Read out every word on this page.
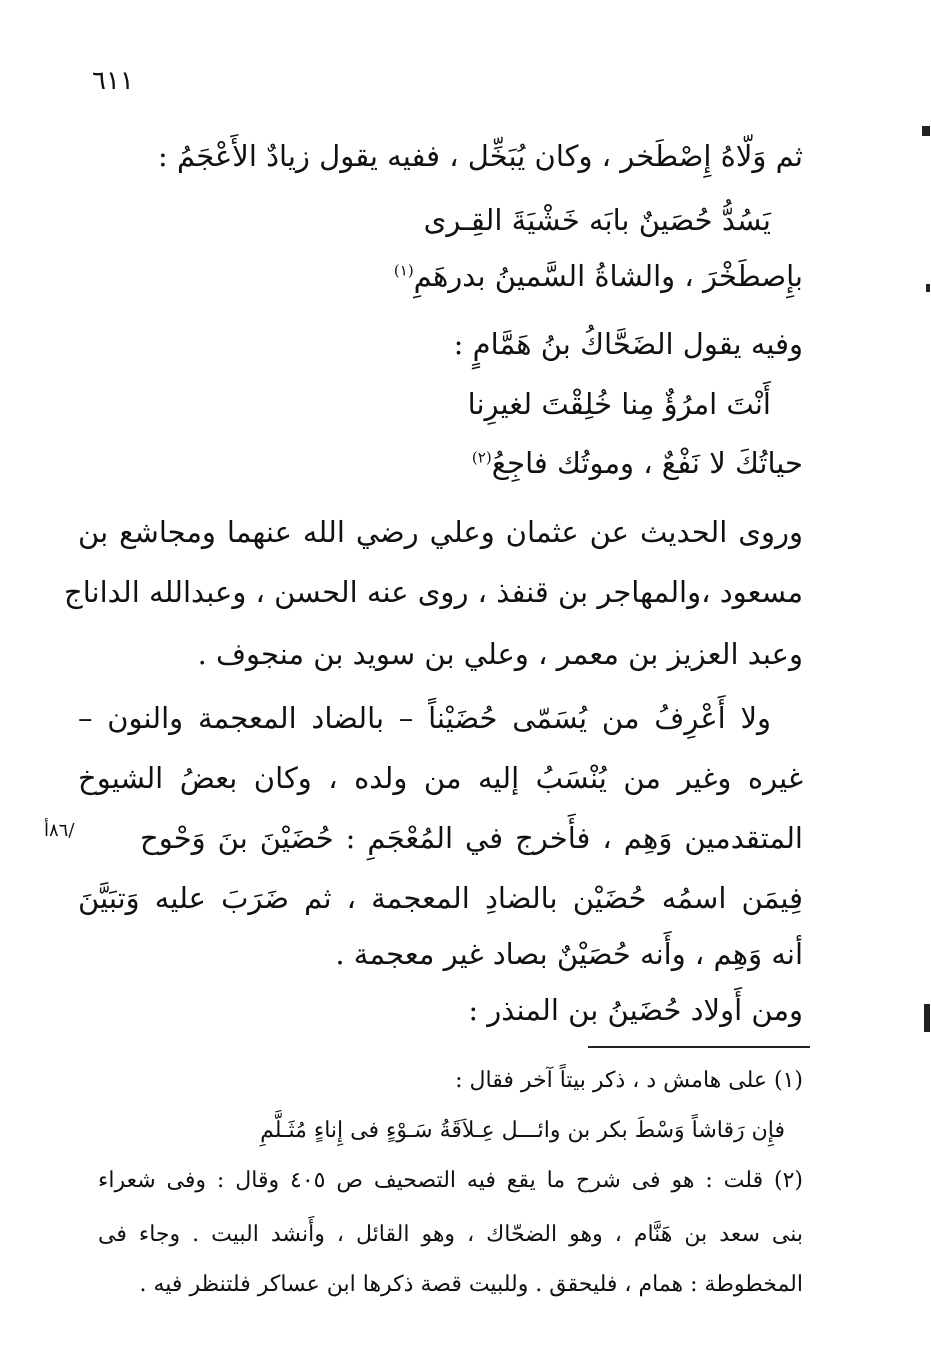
٦١١
ثم وَلّاهُ إِصْطَخر ، وكان يُبَخِّل ، ففيه يقول زيادٌ الأَعْجَمُ :
يَسُدُّ حُصَينٌ بابَه خَشْيَةَ القِـرى
بإِصطَخْرَ ، والشاةُ السَّمينُ بدرهَمِ$^{(١)}$
وفيه يقول الضَحَّاكُ بنُ هَمَّامٍ :
أَنْتَ امرُؤٌ مِنا خُلِقْتَ لغيرِنا
حياتُكَ لا نَفْعٌ ، وموتُك فاجِعُ$^{(٢)}$
وروى الحديث عن عثمان وعلي رضي الله عنهما ومجاشع بن
مسعود ،والمهاجر بن قنفذ ، روى عنه الحسن ، وعبدالله الداناج
وعبد العزيز بن معمر ، وعلي بن سويد بن منجوف .
ولا أَعْرِفُ من يُسَمّى حُضَيْناً – بالضاد المعجمة والنون –
غيره وغير من يُنْسَبُ إليه من ولده ، وكان بعضُ الشيوخ
المتقدمين وَهِم ، فأَخرج في المُعْجَمِ : حُضَيْنَ بنَ وَحْوح
/٨٦أ
فِيمَن اسمُه حُضَيْن بالضادِ المعجمة ، ثم ضَرَبَ عليه وَتبَيَّنَ
أنه وَهِم ، وأَنه حُصَيْنٌ بصاد غير معجمة .
ومن أَولاد حُضَينُ بن المنذر :
(١) على هامش د ، ذكر بيتاً آخر فقال :
فإِن رَقاشاً وَسْطَ بكر بن وائـــل عِـلاَقَةُ سَـوْءٍ فى إِناءٍ مُثَـلَّمِ
(٢) قلت : هو فى شرح ما يقع فيه التصحيف ص ٤٠٥ وقال : وفى شعراء
بنى سعد بن هَنَّام ، وهو الضحّاك ، وهو القائل ، وأَنشد البيت . وجاء فى
المخطوطة : همام ، فليحقق . وللبيت قصة ذكرها ابن عساكر فلتنظر فيه .
